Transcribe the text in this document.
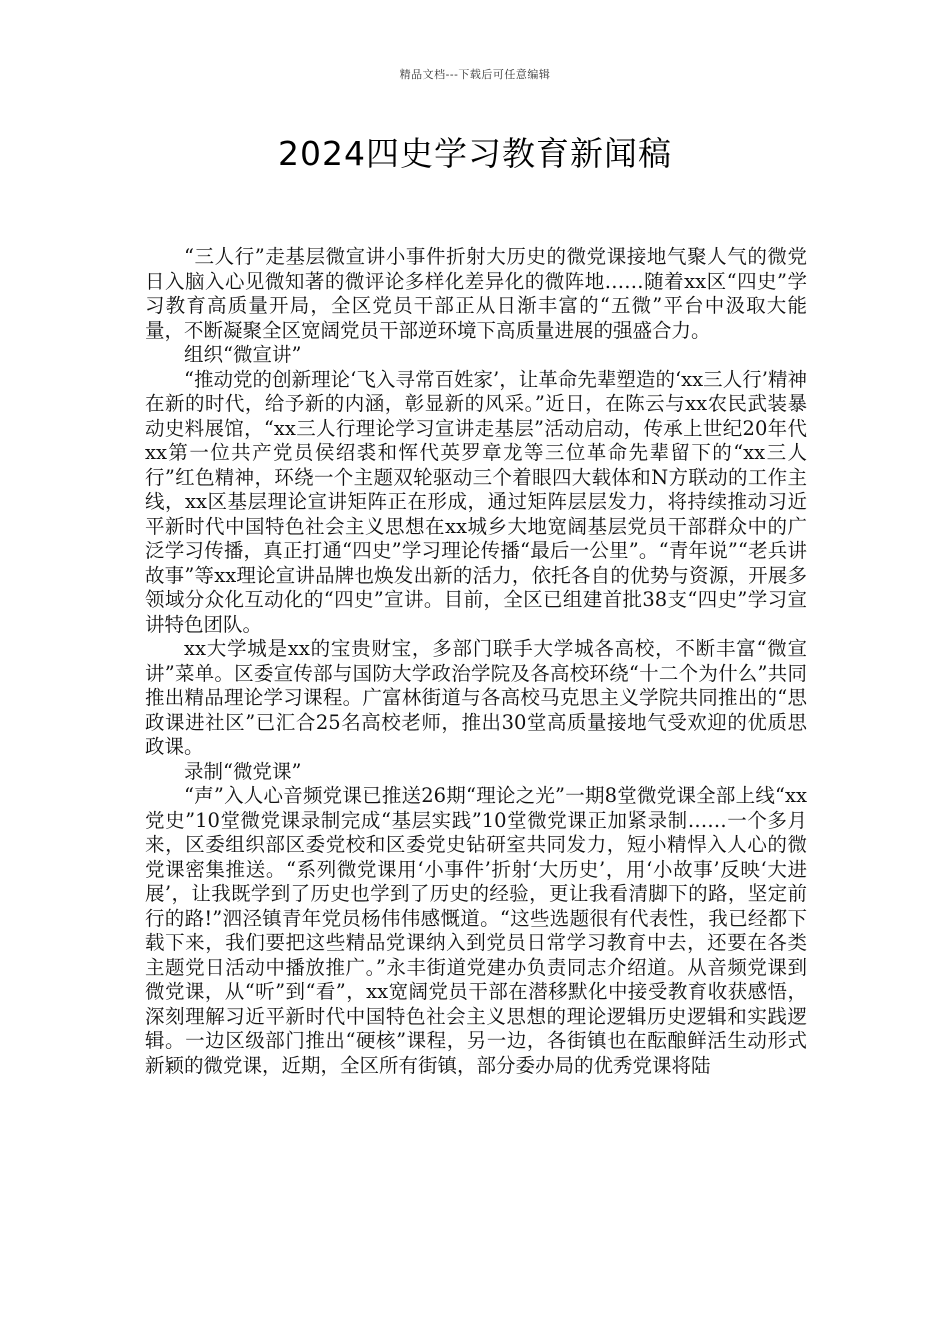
精品文档---下载后可任意编辑
2024四史学习教育新闻稿

“三人行”走基层微宣讲小事件折射大历史的微党课接地气聚人气的微党日入脑入心见微知著的微评论多样化差异化的微阵地……随着xx区“四史”学习教育高质量开局，全区党员干部正从日渐丰富的“五微”平台中汲取大能量，不断凝聚全区宽阔党员干部逆环境下高质量进展的强盛合力。

组织“微宣讲”

“推动党的创新理论‘飞入寻常百姓家’，让革命先辈塑造的‘xx三人行’精神在新的时代，给予新的内涵，彰显新的风采。”近日，在陈云与xx农民武装暴动史料展馆，“xx三人行理论学习宣讲走基层”活动启动，传承上世纪20年代xx第一位共产党员侯绍裘和恽代英罗章龙等三位革命先辈留下的“xx三人行”红色精神，环绕一个主题双轮驱动三个着眼四大载体和N方联动的工作主线，xx区基层理论宣讲矩阵正在形成，通过矩阵层层发力，将持续推动习近平新时代中国特色社会主义思想在xx城乡大地宽阔基层党员干部群众中的广泛学习传播，真正打通“四史”学习理论传播“最后一公里”。“青年说”“老兵讲故事”等xx理论宣讲品牌也焕发出新的活力，依托各自的优势与资源，开展多领域分众化互动化的“四史”宣讲。目前，全区已组建首批38支“四史”学习宣讲特色团队。

xx大学城是xx的宝贵财宝，多部门联手大学城各高校，不断丰富“微宣讲”菜单。区委宣传部与国防大学政治学院及各高校环绕“十二个为什么”共同推出精品理论学习课程。广富林街道与各高校马克思主义学院共同推出的“思政课进社区”已汇合25名高校老师，推出30堂高质量接地气受欢迎的优质思政课。

录制“微党课”

“声”入人心音频党课已推送26期“理论之光”一期8堂微党课全部上线“xx党史”10堂微党课录制完成“基层实践”10堂微党课正加紧录制……一个多月来，区委组织部区委党校和区委党史钻研室共同发力，短小精悍入人心的微党课密集推送。“系列微党课用‘小事件’折射‘大历史’，用‘小故事’反映‘大进展’，让我既学到了历史也学到了历史的经验，更让我看清脚下的路，坚定前行的路!”泗泾镇青年党员杨伟伟感慨道。“这些选题很有代表性，我已经都下载下来，我们要把这些精品党课纳入到党员日常学习教育中去，还要在各类主题党日活动中播放推广。”永丰街道党建办负责同志介绍道。从音频党课到微党课，从“听”到“看”，xx宽阔党员干部在潜移默化中接受教育收获感悟，深刻理解习近平新时代中国特色社会主义思想的理论逻辑历史逻辑和实践逻辑。一边区级部门推出“硬核”课程，另一边，各街镇也在酝酿鲜活生动形式新颖的微党课，近期，全区所有街镇，部分委办局的优秀党课将陆
